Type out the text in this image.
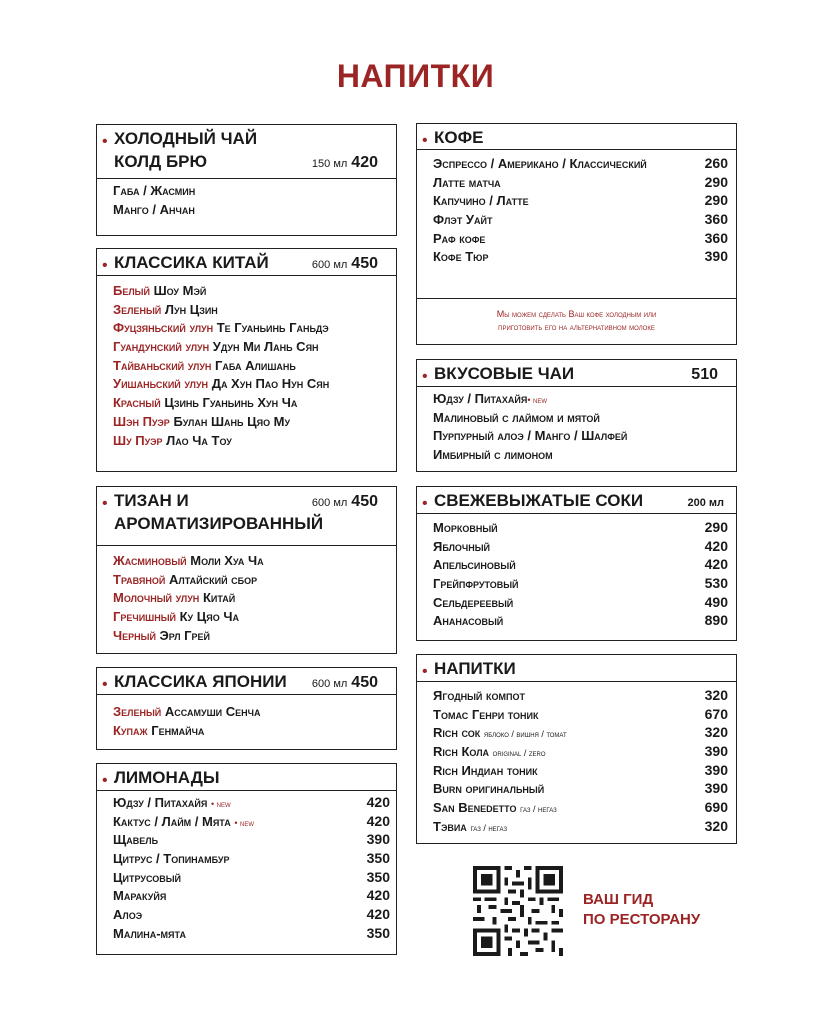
НАПИТКИ
• ХОЛОДНЫЙ ЧАЙ
КОЛД БРЮ	150 мл 420
Габа / Жасмин
Манго / Анчан
• КЛАССИКА КИТАЙ	600 мл 450
Белый Шоу Мэй
Зеленый Лун Цзин
Фуцзяньский улун Те Гуаньинь Ганьдэ
Гуандунский улун Удун Ми Лань Сян
Тайваньский улун Габа Алишань
Уишаньский улун Да Хун Пао Нун Сян
Красный Цзинь Гуаньинь Хун Ча
Шэн Пуэр Булан Шань Цяо Му
Шу Пуэр Лао Ча Тоу
• ТИЗАН И
АРОМАТИЗИРОВАННЫЙ
600 мл 450
Жасминовый Моли Хуа Ча
Травяной Алтайский сбор
Молочный улун Китай
Гречишный Ку Цяо Ча
Черный Эрл Грей
• КЛАССИКА ЯПОНИИ 600 мл 450
Зеленый Ассамуши Сенча
Купаж Генмайча
• ЛИМОНАДЫ
Юдзу / Питахайя • new	420
Кактус / Лайм / Мята • new	420
Щавель	390
Цитрус / Топинамбур	350
Цитрусовый	350
Маракуйя	420
Алоэ	420
Малина-мята	350
• КОФЕ
Эспрессо / Американо / Классический	260
Латте матча	290
Капучино / Латте	290
Флэт Уайт	360
Раф кофе	360
Кофе Тюр	390
Мы можем сделать Ваш кофе холодным или
приготовить его на альтернативном молоке
• ВКУСОВЫЕ ЧАИ	510
Юдзу / Питахайя• new
Малиновый с лаймом и мятой
Пурпурный алоэ / Манго / Шалфей
Имбирный с лимоном
• СВЕЖЕВЫЖАТЫЕ СОКИ	200 мл
Морковный	290
Яблочный	420
Апельсиновый	420
Грейпфрутовый	530
Сельдереевый	490
Ананасовый	890
• НАПИТКИ
Ягодный компот	320
Томас Генри тоник	670
Rich сок яблоко / вишня / томат	320
Rich Кола original / zero	390
Rich Индиан тоник	390
Burn оригинальный	390
San Benedetto газ / негаз	690
Тэвиа газ / негаз	320
ВАШ ГИД
ПО РЕСТОРАНУ
